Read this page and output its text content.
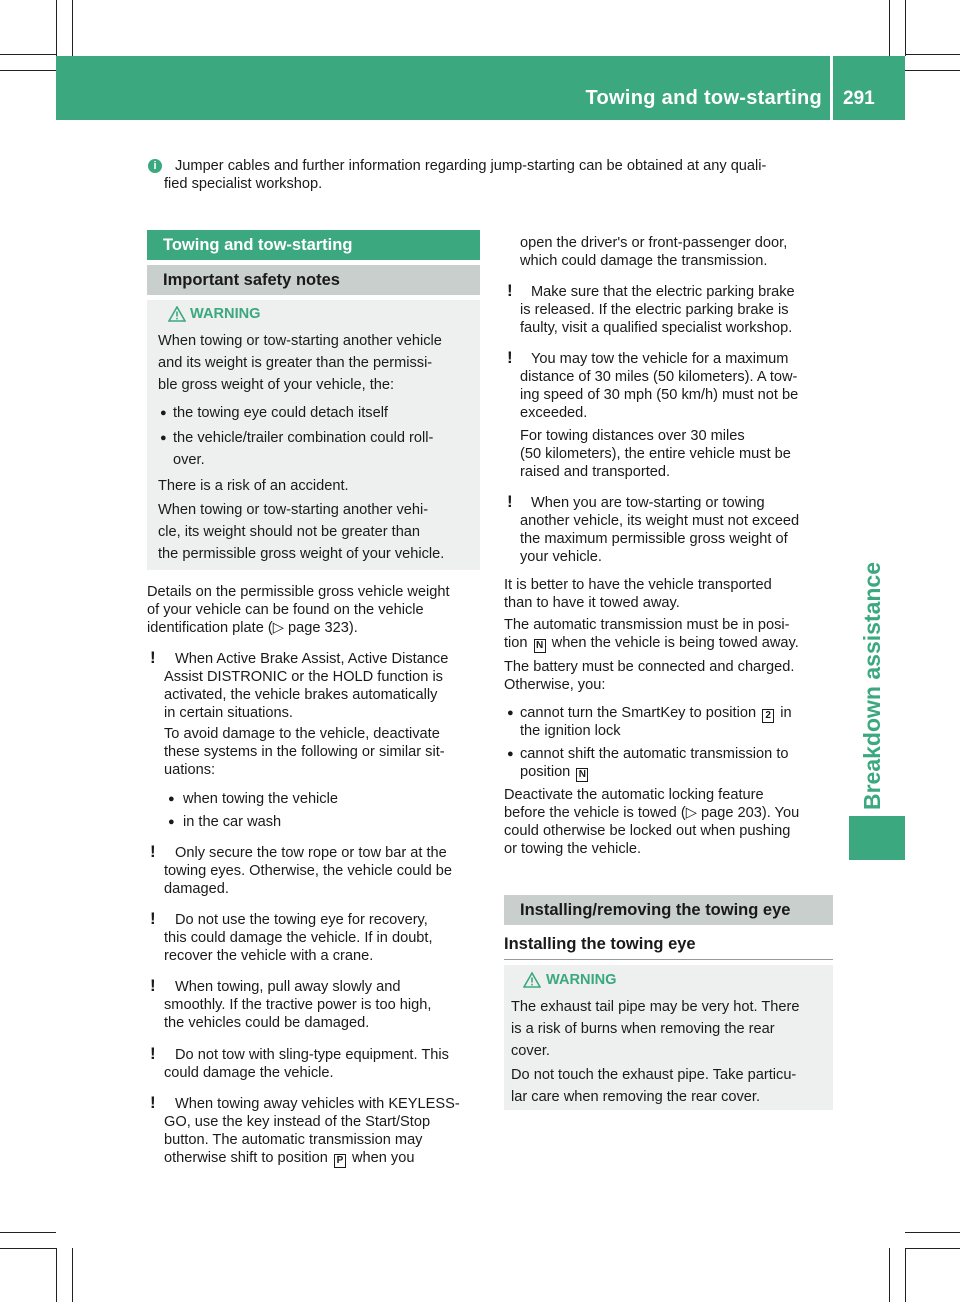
Towing and tow-starting 291
Breakdown assistance
i	Jumper cables and further information regarding jump-starting can be obtained at any quali-
fied specialist workshop.
Towing and tow-starting
Important safety notes
WARNING
When towing or tow-starting another vehicle
and its weight is greater than the permissi-
ble gross weight of your vehicle, the:
● the towing eye could detach itself
● the vehicle/trailer combination could roll-
over.
There is a risk of an accident.
When towing or tow-starting another vehi-
cle, its weight should not be greater than
the permissible gross weight of your vehicle.
Details on the permissible gross vehicle weight
of your vehicle can be found on the vehicle
identification plate (▷ page 323).
! When Active Brake Assist, Active Distance
Assist DISTRONIC or the HOLD function is
activated, the vehicle brakes automatically
in certain situations.
To avoid damage to the vehicle, deactivate
these systems in the following or similar sit-
uations:
● when towing the vehicle
● in the car wash
! Only secure the tow rope or tow bar at the
towing eyes. Otherwise, the vehicle could be
damaged.
! Do not use the towing eye for recovery,
this could damage the vehicle. If in doubt,
recover the vehicle with a crane.
! When towing, pull away slowly and
smoothly. If the tractive power is too high,
the vehicles could be damaged.
! Do not tow with sling-type equipment. This
could damage the vehicle.
! When towing away vehicles with KEYLESS-
GO, use the key instead of the Start/Stop
button. The automatic transmission may
otherwise shift to position P when you
open the driver's or front-passenger door,
which could damage the transmission.
! Make sure that the electric parking brake
is released. If the electric parking brake is
faulty, visit a qualified specialist workshop.
! You may tow the vehicle for a maximum
distance of 30 miles (50 kilometers). A tow-
ing speed of 30 mph (50 km/h) must not be
exceeded.
For towing distances over 30 miles
(50 kilometers), the entire vehicle must be
raised and transported.
! When you are tow-starting or towing
another vehicle, its weight must not exceed
the maximum permissible gross weight of
your vehicle.
It is better to have the vehicle transported
than to have it towed away.
The automatic transmission must be in posi-
tion N when the vehicle is being towed away.
The battery must be connected and charged.
Otherwise, you:
● cannot turn the SmartKey to position 2 in
the ignition lock
● cannot shift the automatic transmission to
position N
Deactivate the automatic locking feature
before the vehicle is towed (▷ page 203). You
could otherwise be locked out when pushing
or towing the vehicle.
Installing/removing the towing eye
Installing the towing eye
WARNING
The exhaust tail pipe may be very hot. There
is a risk of burns when removing the rear
cover.
Do not touch the exhaust pipe. Take particu-
lar care when removing the rear cover.
